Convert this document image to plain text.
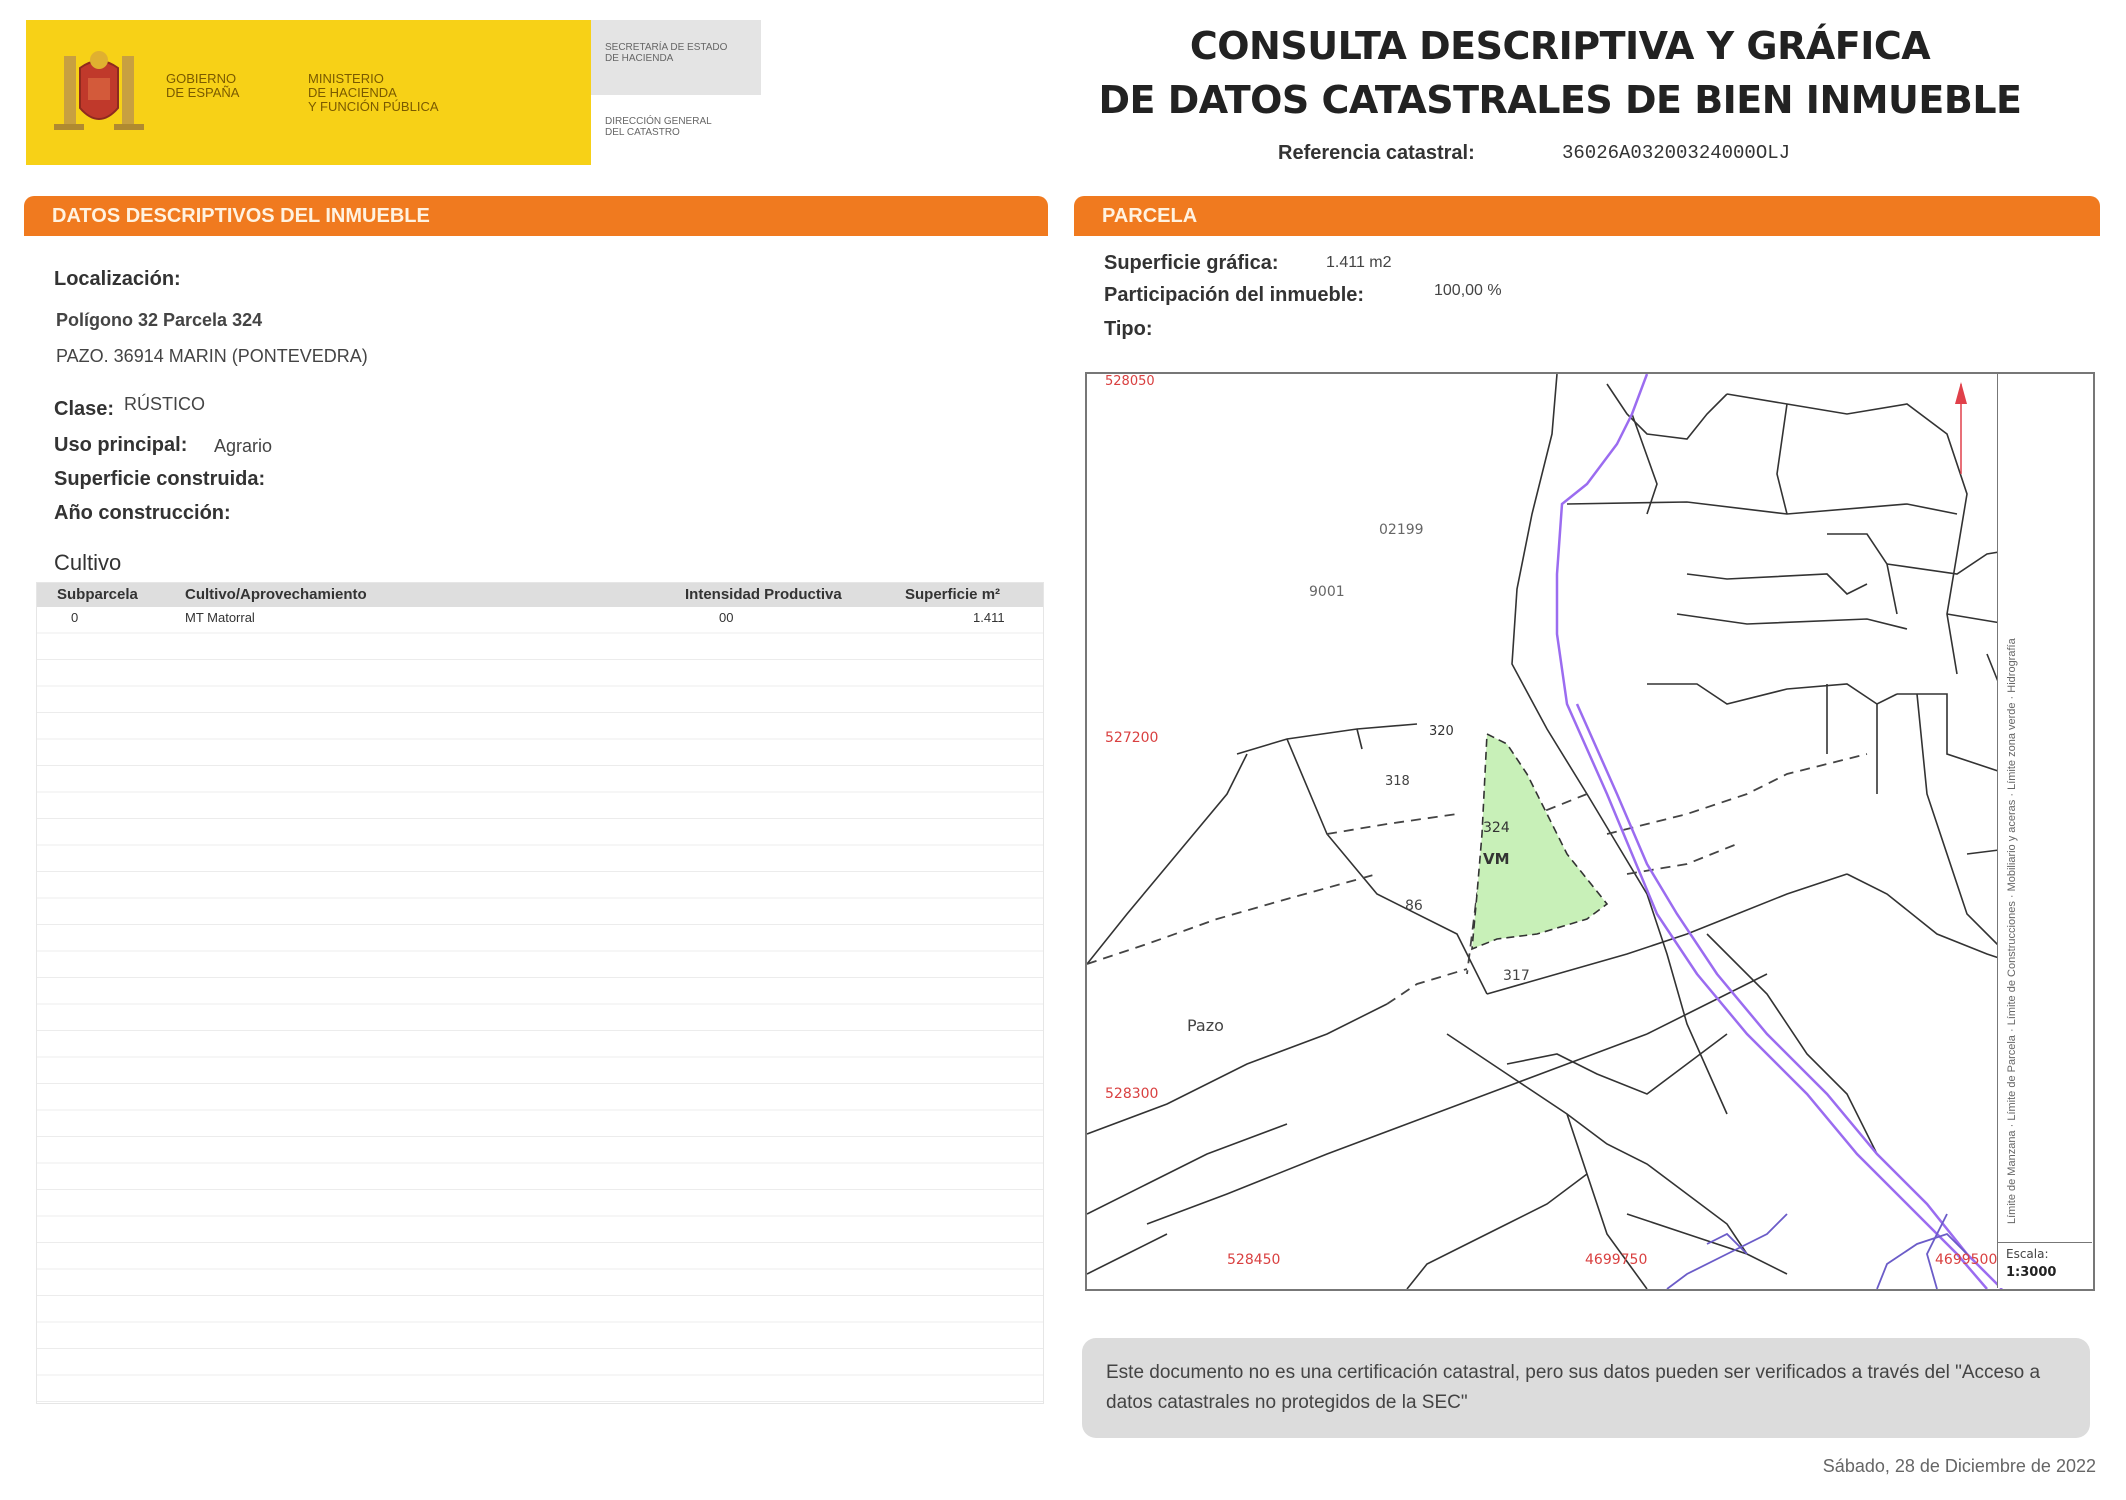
GOBIERNO
DE ESPAÑA
MINISTERIO
DE HACIENDA
Y FUNCIÓN PÚBLICA
SECRETARÍA DE ESTADO
DE HACIENDA
DIRECCIÓN GENERAL
DEL CATASTRO
CONSULTA DESCRIPTIVA Y GRÁFICA
DE DATOS CATASTRALES DE BIEN INMUEBLE
Referencia catastral:	36026A03200324000OLJ
DATOS DESCRIPTIVOS DEL INMUEBLE
Localización:
Polígono 32 Parcela 324
PAZO. 36914 MARIN (PONTEVEDRA)
Clase: RÚSTICO
Uso principal: Agrario
Superficie construida:
Año construcción:
Cultivo
Subparcela	Cultivo/Aprovechamiento	Intensidad Productiva	Superficie m²
0	MT Matorral	00	1.411
PARCELA
Superficie gráfica:	1.411 m2
Participación del inmueble:	100,00 %
Tipo:
02199
9001
320
318
324
VM
86
317
Pazo
528050
527200
528300
528450	4699750	4699500
Límite de Manzana · Límite de Parcela · Límite de Construcciones · Mobiliario y aceras · Límite zona verde · Hidrografía
Escala:
1:3000
Este documento no es una certificación catastral, pero sus datos pueden ser verificados a través del "Acceso a datos catastrales no protegidos de la SEC"
Sábado, 28 de Diciembre de 2022
